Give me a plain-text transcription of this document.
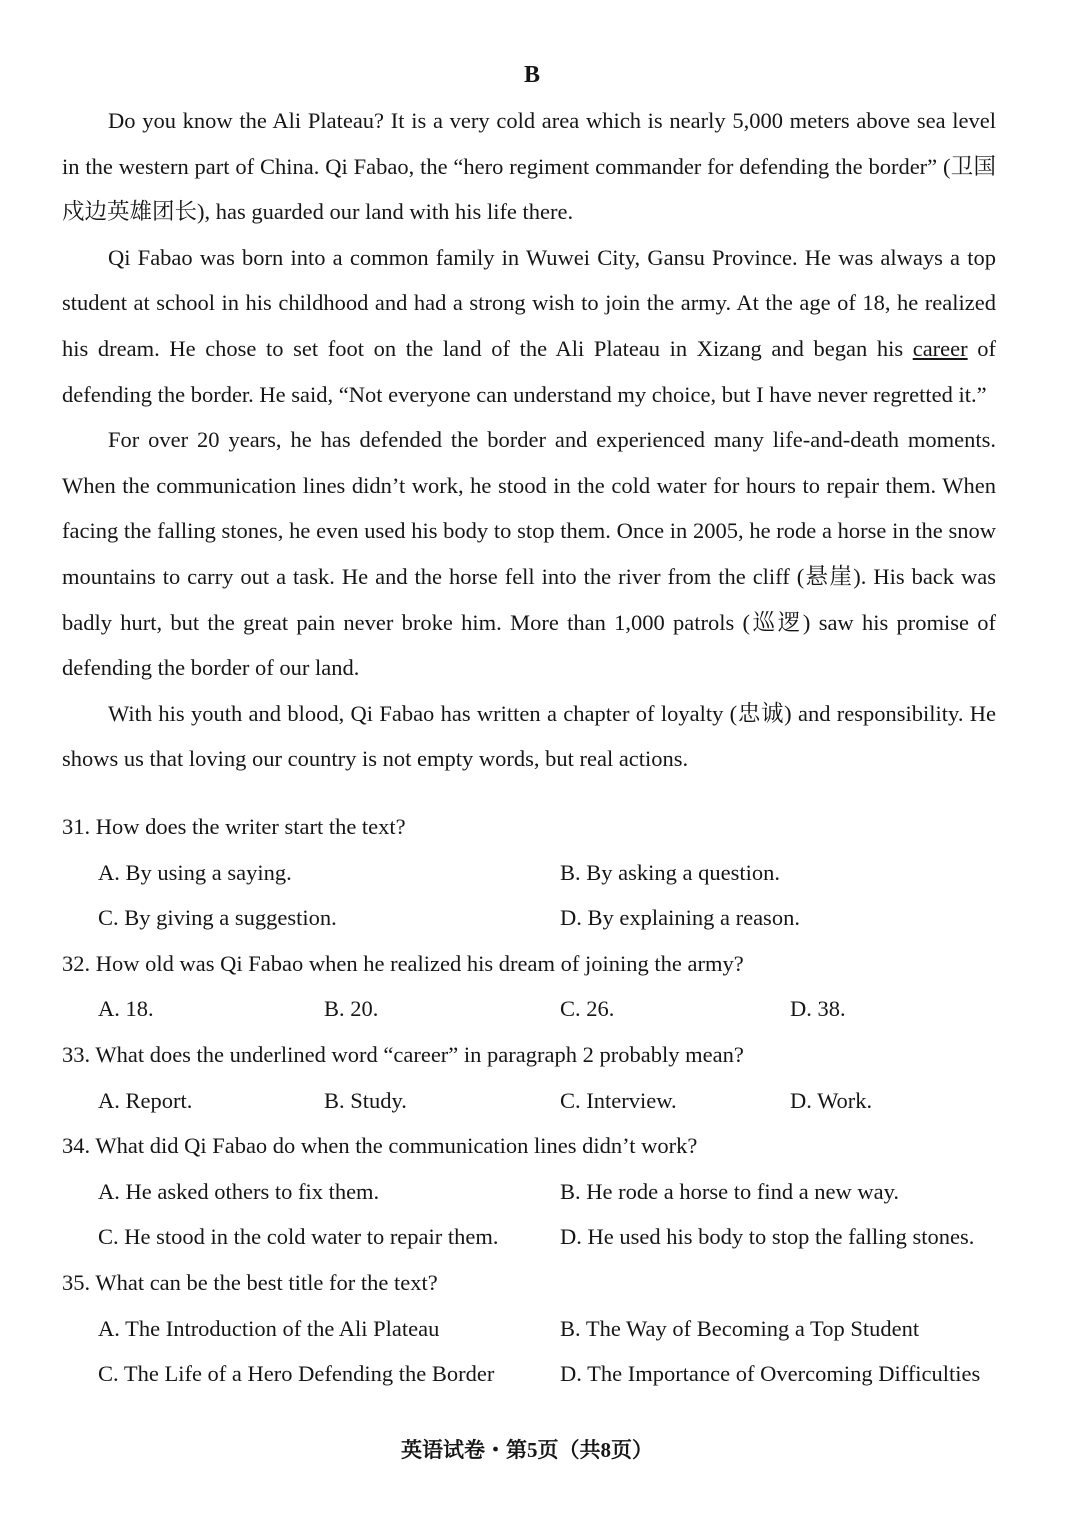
B

Do you know the Ali Plateau? It is a very cold area which is nearly 5,000 meters above sea level in the western part of China. Qi Fabao, the “hero regiment commander for defending the border” (卫国戍边英雄团长), has guarded our land with his life there.

Qi Fabao was born into a common family in Wuwei City, Gansu Province. He was always a top student at school in his childhood and had a strong wish to join the army. At the age of 18, he realized his dream. He chose to set foot on the land of the Ali Plateau in Xizang and began his career of defending the border. He said, “Not everyone can understand my choice, but I have never regretted it.”

For over 20 years, he has defended the border and experienced many life-and-death moments. When the communication lines didn’t work, he stood in the cold water for hours to repair them. When facing the falling stones, he even used his body to stop them. Once in 2005, he rode a horse in the snow mountains to carry out a task. He and the horse fell into the river from the cliff (悬崖). His back was badly hurt, but the great pain never broke him. More than 1,000 patrols (巡逻) saw his promise of defending the border of our land.

With his youth and blood, Qi Fabao has written a chapter of loyalty (忠诚) and responsibility. He shows us that loving our country is not empty words, but real actions.

31. How does the writer start the text?
A. By using a saying.	B. By asking a question.
C. By giving a suggestion.	D. By explaining a reason.
32. How old was Qi Fabao when he realized his dream of joining the army?
A. 18.	B. 20.	C. 26.	D. 38.
33. What does the underlined word “career” in paragraph 2 probably mean?
A. Report.	B. Study.	C. Interview.	D. Work.
34. What did Qi Fabao do when the communication lines didn’t work?
A. He asked others to fix them.	B. He rode a horse to find a new way.
C. He stood in the cold water to repair them.	D. He used his body to stop the falling stones.
35. What can be the best title for the text?
A. The Introduction of the Ali Plateau	B. The Way of Becoming a Top Student
C. The Life of a Hero Defending the Border	D. The Importance of Overcoming Difficulties
英语试卷・第5页（共8页）
